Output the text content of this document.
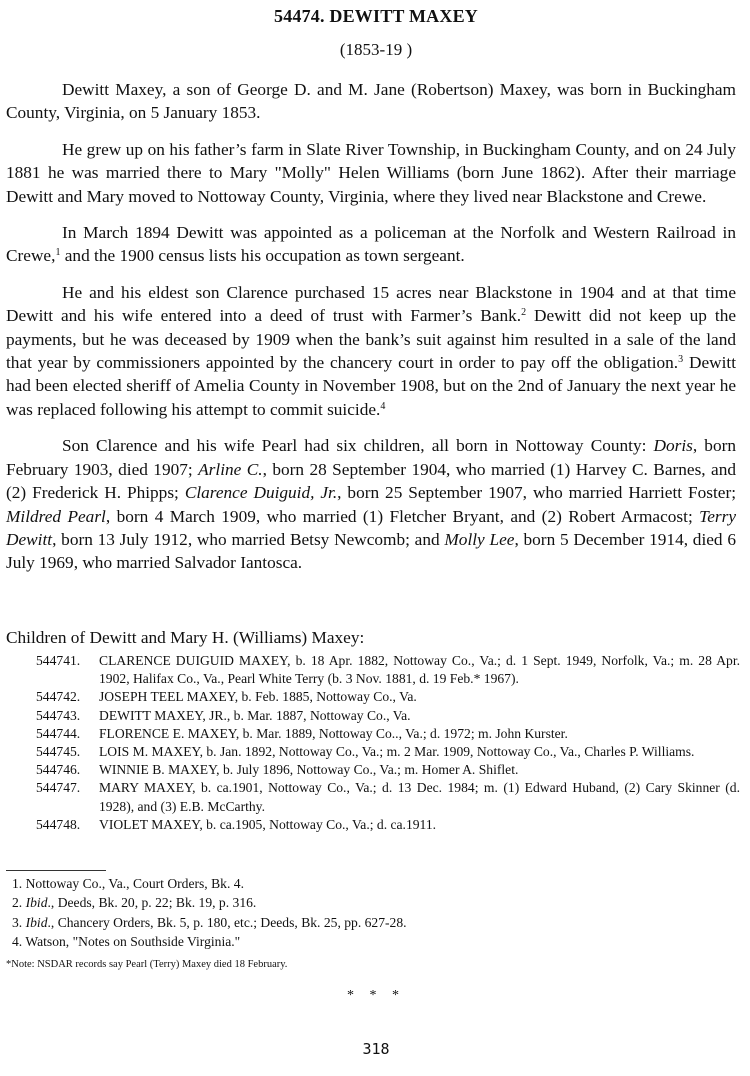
54474. DEWITT MAXEY
(1853-19 )

Dewitt Maxey, a son of George D. and M. Jane (Robertson) Maxey, was born in Buckingham County, Virginia, on 5 January 1853.

He grew up on his father’s farm in Slate River Township, in Buckingham County, and on 24 July 1881 he was married there to Mary "Molly" Helen Williams (born June 1862). After their marriage Dewitt and Mary moved to Nottoway County, Virginia, where they lived near Blackstone and Crewe.

In March 1894 Dewitt was appointed as a policeman at the Norfolk and Western Railroad in Crewe,$^1$ and the 1900 census lists his occupation as town sergeant.

He and his eldest son Clarence purchased 15 acres near Blackstone in 1904 and at that time Dewitt and his wife entered into a deed of trust with Farmer’s Bank.$^2$ Dewitt did not keep up the payments, but he was deceased by 1909 when the bank’s suit against him resulted in a sale of the land that year by commissioners appointed by the chancery court in order to pay off the obligation.$^3$ Dewitt had been elected sheriff of Amelia County in November 1908, but on the 2nd of January the next year he was replaced following his attempt to commit suicide.$^4$

Son Clarence and his wife Pearl had six children, all born in Nottoway County: Doris, born February 1903, died 1907; Arline C., born 28 September 1904, who married (1) Harvey C. Barnes, and (2) Frederick H. Phipps; Clarence Duiguid, Jr., born 25 September 1907, who married Harriett Foster; Mildred Pearl, born 4 March 1909, who married (1) Fletcher Bryant, and (2) Robert Armacost; Terry Dewitt, born 13 July 1912, who married Betsy Newcomb; and Molly Lee, born 5 December 1914, died 6 July 1969, who married Salvador Iantosca.

Children of Dewitt and Mary H. (Williams) Maxey:
544741.	CLARENCE DUIGUID MAXEY, b. 18 Apr. 1882, Nottoway Co., Va.; d. 1 Sept. 1949, Norfolk, Va.; m. 28 Apr. 1902, Halifax Co., Va., Pearl White Terry (b. 3 Nov. 1881, d. 19 Feb.* 1967).
544742.	JOSEPH TEEL MAXEY, b. Feb. 1885, Nottoway Co., Va.
544743.	DEWITT MAXEY, JR., b. Mar. 1887, Nottoway Co., Va.
544744.	FLORENCE E. MAXEY, b. Mar. 1889, Nottoway Co.., Va.; d. 1972; m. John Kurster.
544745.	LOIS M. MAXEY, b. Jan. 1892, Nottoway Co., Va.; m. 2 Mar. 1909, Nottoway Co., Va., Charles P. Williams.
544746.	WINNIE B. MAXEY, b. July 1896, Nottoway Co., Va.; m. Homer A. Shiflet.
544747.	MARY MAXEY, b. ca.1901, Nottoway Co., Va.; d. 13 Dec. 1984; m. (1) Edward Huband, (2) Cary Skinner (d. 1928), and (3) E.B. McCarthy.
544748.	VIOLET MAXEY, b. ca.1905, Nottoway Co., Va.; d. ca.1911.
1. Nottoway Co., Va., Court Orders, Bk. 4.
2. Ibid., Deeds, Bk. 20, p. 22; Bk. 19, p. 316.
3. Ibid., Chancery Orders, Bk. 5, p. 180, etc.; Deeds, Bk. 25, pp. 627-28.
4. Watson, "Notes on Southside Virginia."
*Note: NSDAR records say Pearl (Terry) Maxey died 18 February.
* * *
318
